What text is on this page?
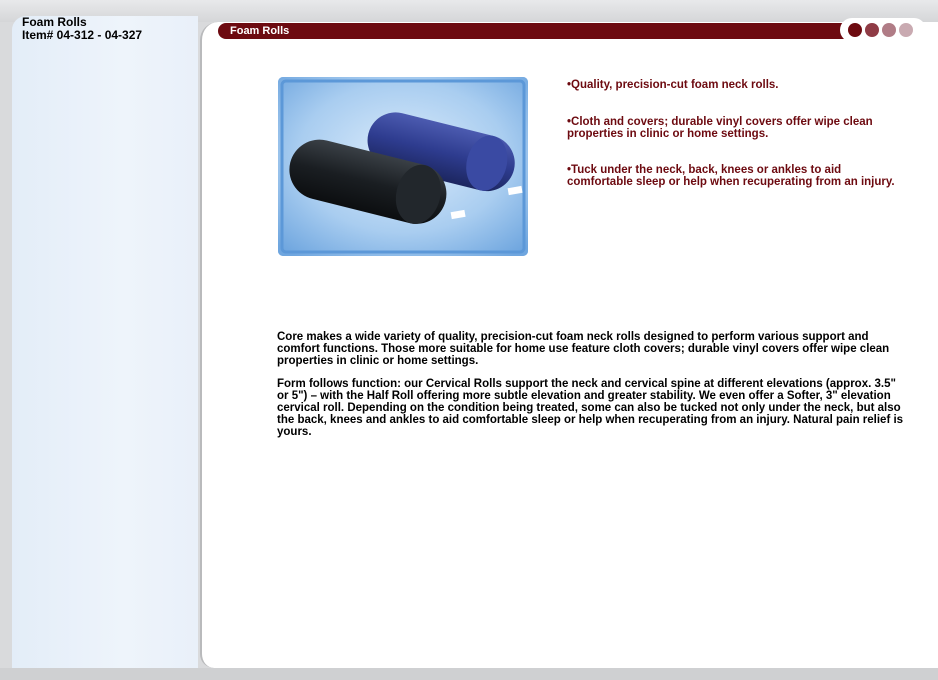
Foam Rolls
Item# 04-312 - 04-327	Foam Rolls
•Quality, precision-cut foam neck rolls.
•Cloth and covers; durable vinyl covers offer wipe clean properties in clinic or home settings.
•Tuck under the neck, back, knees or ankles to aid comfortable sleep or help when recuperating from an injury.

Core makes a wide variety of quality, precision-cut foam neck rolls designed to perform various support and comfort functions. Those more suitable for home use feature cloth covers; durable vinyl covers offer wipe clean properties in clinic or home settings.

Form follows function: our Cervical Rolls support the neck and cervical spine at different elevations (approx. 3.5" or 5") – with the Half Roll offering more subtle elevation and greater stability. We even offer a Softer, 3" elevation cervical roll. Depending on the condition being treated, some can also be tucked not only under the neck, but also the back, knees and ankles to aid comfortable sleep or help when recuperating from an injury. Natural pain relief is yours.
